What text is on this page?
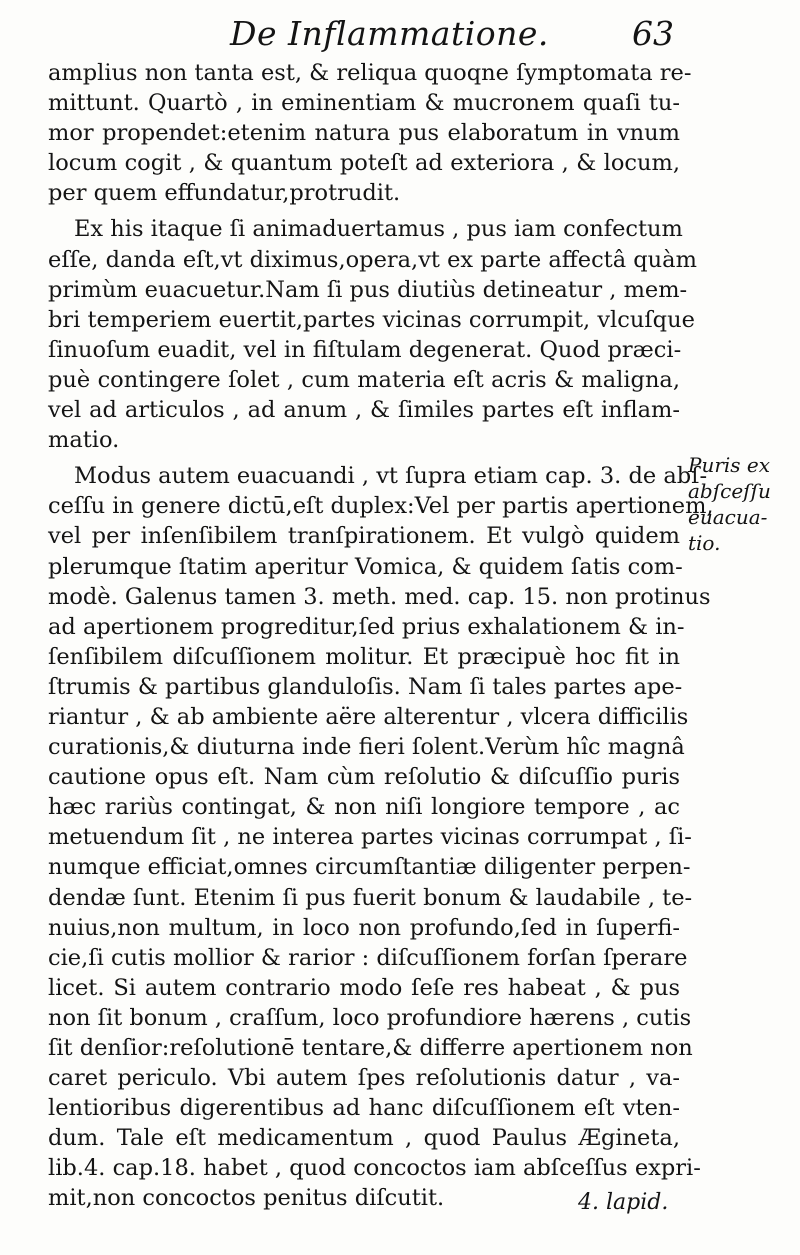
De Inflammatione.	63
amplius non tanta est, & reliqua quoqne ſymptomata re-
mittunt. Quartò , in eminentiam & mucronem quaſi tu-
mor propendet:etenim natura pus elaboratum in vnum
locum cogit , & quantum poteſt ad exteriora , & locum,
per quem effundatur,protrudit.
Ex his itaque ſi animaduertamus , pus iam confectum
eſſe, danda eſt,vt diximus,opera,vt ex parte affectâ quàm
primùm euacuetur.Nam ſi pus diutiùs detineatur , mem-
bri temperiem euertit,partes vicinas corrumpit, vlcuſque
ſinuoſum euadit, vel in fiſtulam degenerat. Quod præci-
puè contingere ſolet , cum materia eſt acris & maligna,
vel ad articulos , ad anum , & ſimiles partes eſt inflam-
matio.
Modus autem euacuandi , vt ſupra etiam cap. 3. de abſ-
ceſſu in genere dictū,eſt duplex:Vel per partis apertionem,
vel per inſenſibilem tranſpirationem. Et vulgò quidem
plerumque ſtatim aperitur Vomica, & quidem ſatis com-
modè. Galenus tamen 3. meth. med. cap. 15. non protinus
ad apertionem progreditur,ſed prius exhalationem & in-
ſenſibilem diſcuſſionem molitur. Et præcipuè hoc fit in
ſtrumis & partibus glanduloſis. Nam ſi tales partes ape-
riantur , & ab ambiente aëre alterentur , vlcera difficilis
curationis,& diuturna inde fieri ſolent.Verùm hîc magnâ
cautione opus eſt. Nam cùm reſolutio & diſcuſſio puris
hæc rariùs contingat, & non niſi longiore tempore , ac
metuendum ſit , ne interea partes vicinas corrumpat , ſi-
numque efficiat,omnes circumſtantiæ diligenter perpen-
dendæ ſunt. Etenim ſi pus fuerit bonum & laudabile , te-
nuius,non multum, in loco non profundo,ſed in ſuperfi-
cie,ſi cutis mollior & rarior : diſcuſſionem forſan ſperare
licet. Si autem contrario modo ſeſe res habeat , & pus
non ſit bonum , craſſum, loco profundiore hærens , cutis
ſit denſior:reſolutionē tentare,& differre apertionem non
caret periculo. Vbi autem ſpes reſolutionis datur , va-
lentioribus digerentibus ad hanc diſcuſſionem eſt vten-
dum. Tale eſt medicamentum , quod Paulus Ægineta,
lib.4. cap.18. habet , quod concoctos iam abſceſſus expri-
mit,non concoctos penitus diſcutit.
Puris ex
abſceſſu
euacua-
tio.
4. lapid.
